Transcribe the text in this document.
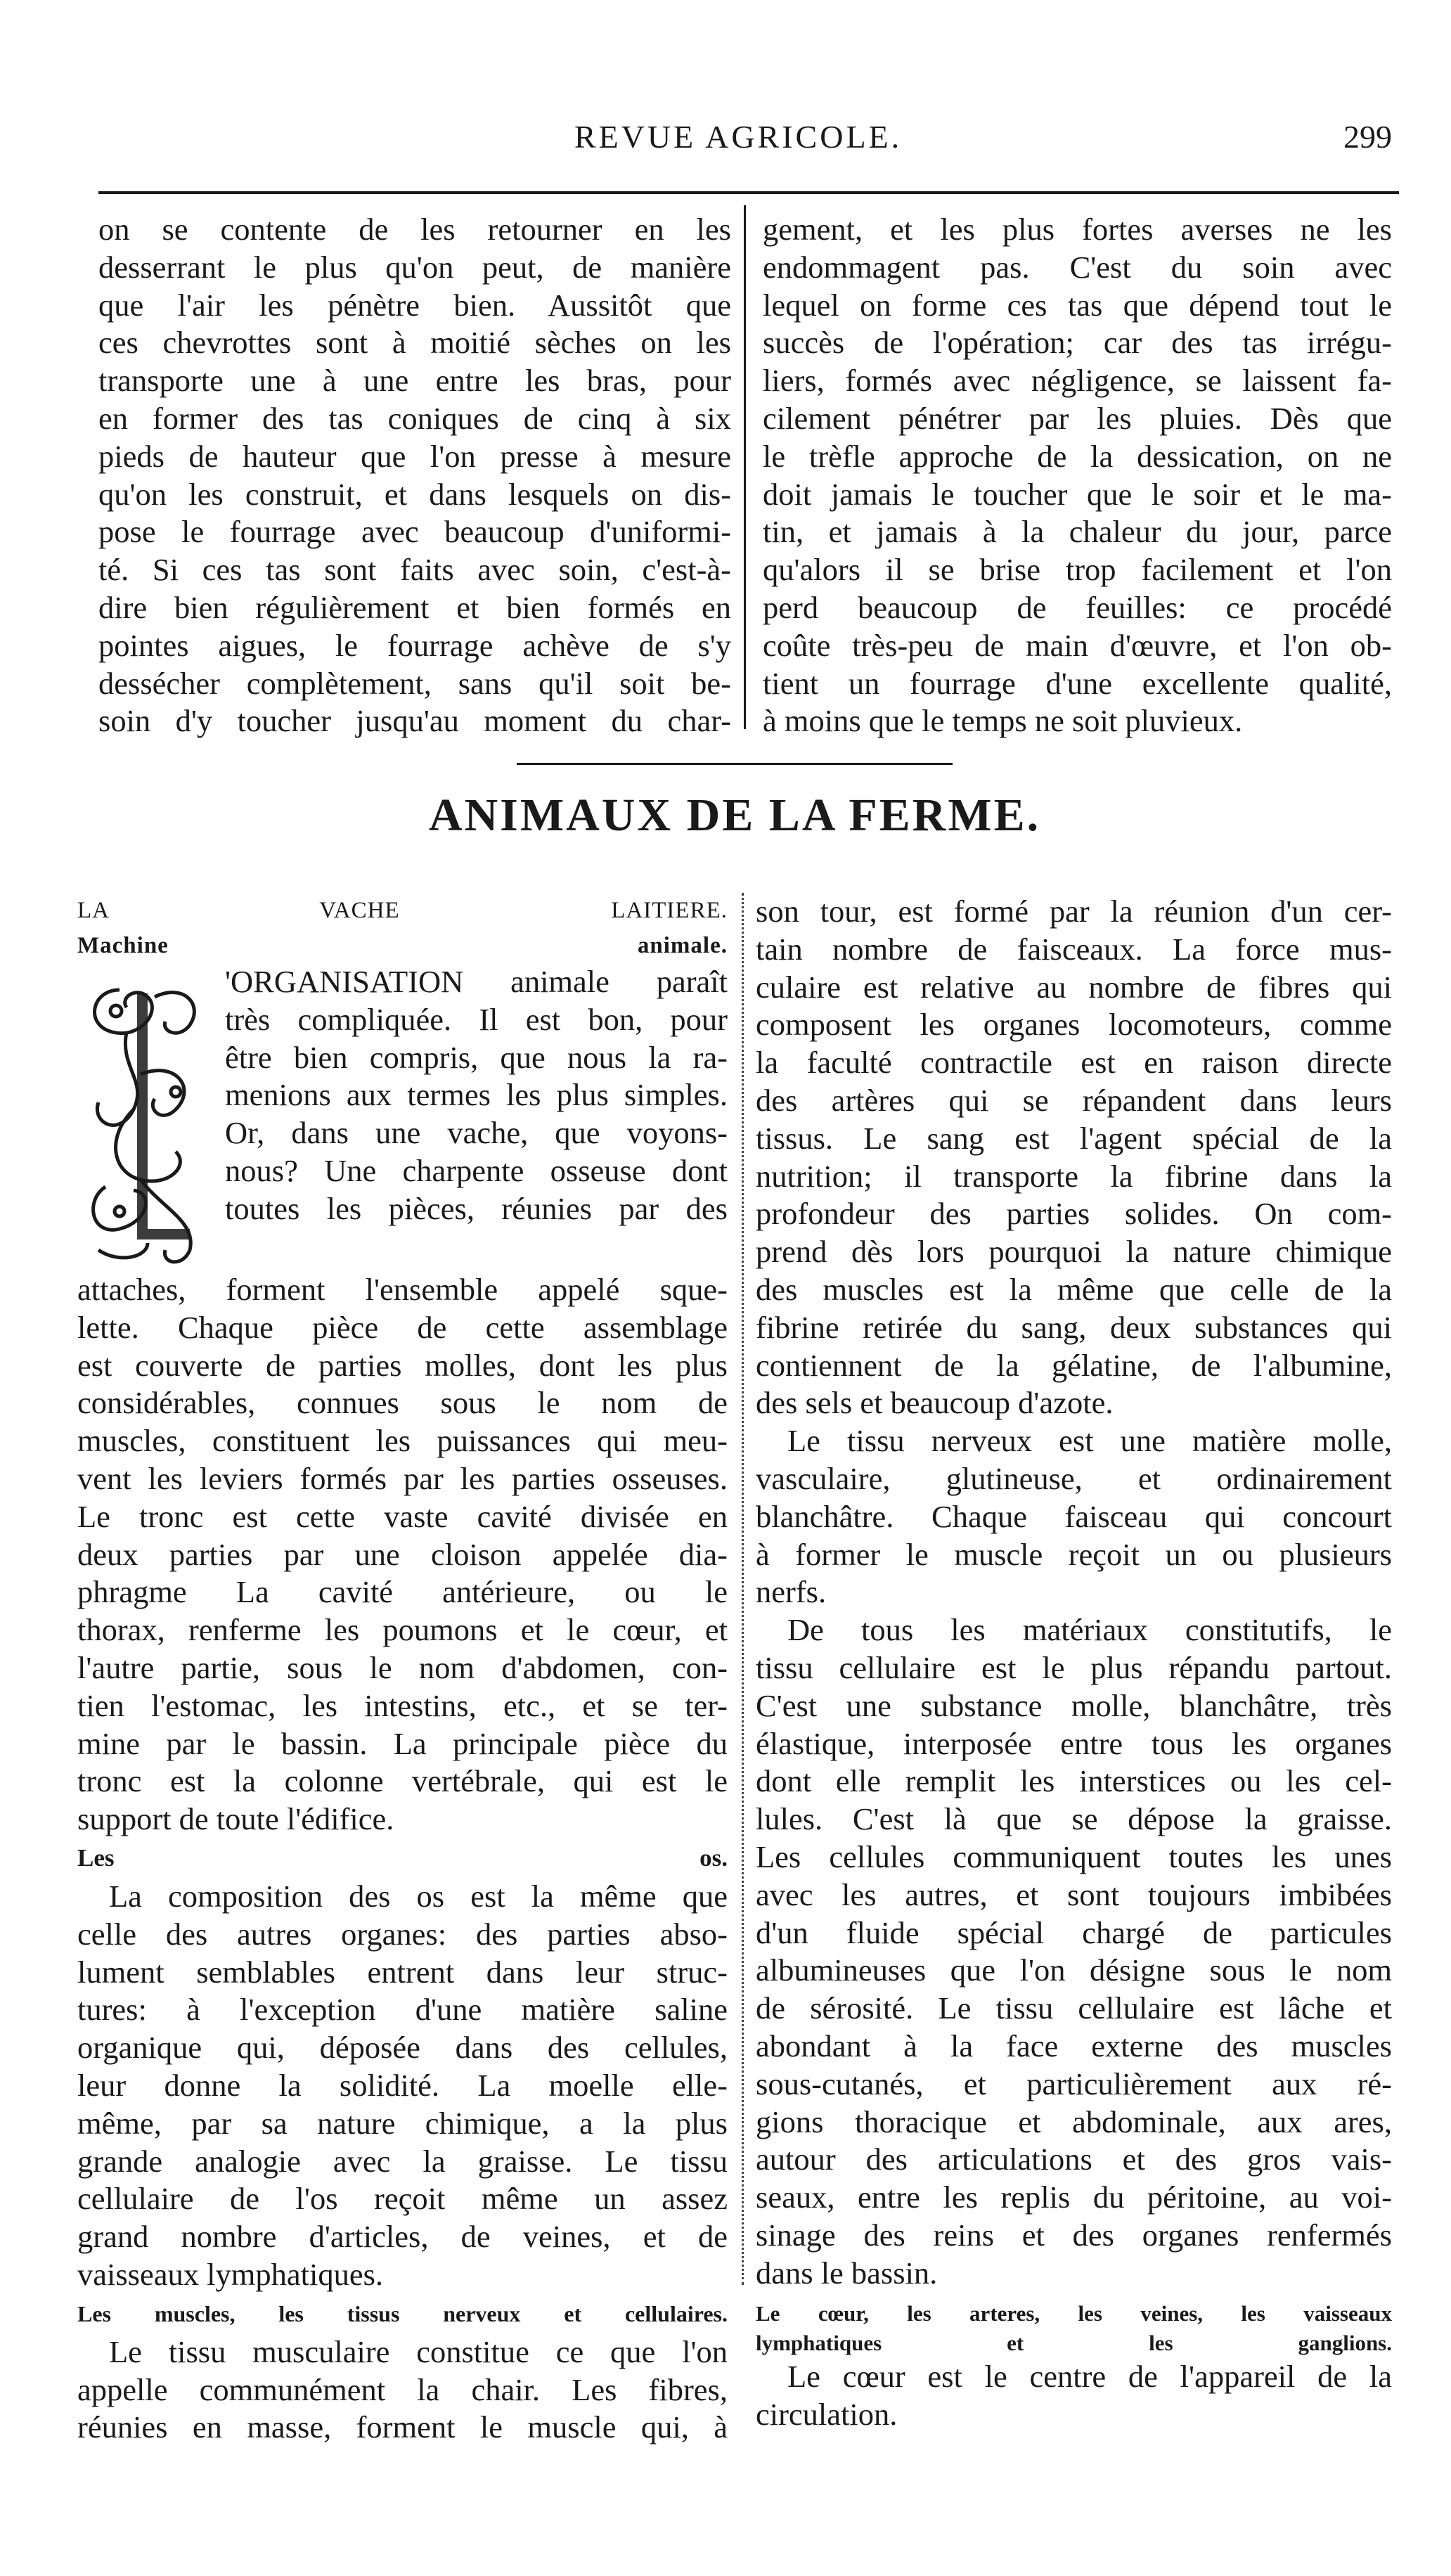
REVUE AGRICOLE.	299
on se contente de les retourner en les
desserrant le plus qu'on peut, de manière
que l'air les pénètre bien. Aussitôt que
ces chevrottes sont à moitié sèches on les
transporte une à une entre les bras, pour
en former des tas coniques de cinq à six
pieds de hauteur que l'on presse à mesure
qu'on les construit, et dans lesquels on dis-
pose le fourrage avec beaucoup d'uniformi-
té. Si ces tas sont faits avec soin, c'est-à-
dire bien régulièrement et bien formés en
pointes aigues, le fourrage achève de s'y
dessécher complètement, sans qu'il soit be-
soin d'y toucher jusqu'au moment du char-
gement, et les plus fortes averses ne les
endommagent pas. C'est du soin avec
lequel on forme ces tas que dépend tout le
succès de l'opération; car des tas irrégu-
liers, formés avec négligence, se laissent fa-
cilement pénétrer par les pluies. Dès que
le trèfle approche de la dessication, on ne
doit jamais le toucher que le soir et le ma-
tin, et jamais à la chaleur du jour, parce
qu'alors il se brise trop facilement et l'on
perd beaucoup de feuilles: ce procédé
coûte très-peu de main d'œuvre, et l'on ob-
tient un fourrage d'une excellente qualité,
à moins que le temps ne soit pluvieux.
ANIMAUX DE LA FERME.

LA VACHE LAITIERE.

Machine animale.

'ORGANISATION animale paraît
très compliquée. Il est bon, pour
être bien compris, que nous la ra-
menions aux termes les plus simples.
Or, dans une vache, que voyons-
nous? Une charpente osseuse dont
toutes les pièces, réunies par des
attaches, forment l'ensemble appelé sque-
lette. Chaque pièce de cette assemblage
est couverte de parties molles, dont les plus
considérables, connues sous le nom de
muscles, constituent les puissances qui meu-
vent les leviers formés par les parties osseuses.
Le tronc est cette vaste cavité divisée en
deux parties par une cloison appelée dia-
phragme La cavité antérieure, ou le
thorax, renferme les poumons et le cœur, et
l'autre partie, sous le nom d'abdomen, con-
tien l'estomac, les intestins, etc., et se ter-
mine par le bassin. La principale pièce du
tronc est la colonne vertébrale, qui est le
support de toute l'édifice.

Les os.

La composition des os est la même que
celle des autres organes: des parties abso-
lument semblables entrent dans leur struc-
tures: à l'exception d'une matière saline
organique qui, déposée dans des cellules,
leur donne la solidité. La moelle elle-
même, par sa nature chimique, a la plus
grande analogie avec la graisse. Le tissu
cellulaire de l'os reçoit même un assez
grand nombre d'articles, de veines, et de
vaisseaux lymphatiques.

Les muscles, les tissus nerveux et cellulaires.

Le tissu musculaire constitue ce que l'on
appelle communément la chair. Les fibres,
réunies en masse, forment le muscle qui, à
son tour, est formé par la réunion d'un cer-
tain nombre de faisceaux. La force mus-
culaire est relative au nombre de fibres qui
composent les organes locomoteurs, comme
la faculté contractile est en raison directe
des artères qui se répandent dans leurs
tissus. Le sang est l'agent spécial de la
nutrition; il transporte la fibrine dans la
profondeur des parties solides. On com-
prend dès lors pourquoi la nature chimique
des muscles est la même que celle de la
fibrine retirée du sang, deux substances qui
contiennent de la gélatine, de l'albumine,
des sels et beaucoup d'azote.
Le tissu nerveux est une matière molle,
vasculaire, glutineuse, et ordinairement
blanchâtre. Chaque faisceau qui concourt
à former le muscle reçoit un ou plusieurs
nerfs.
De tous les matériaux constitutifs, le
tissu cellulaire est le plus répandu partout.
C'est une substance molle, blanchâtre, très
élastique, interposée entre tous les organes
dont elle remplit les interstices ou les cel-
lules. C'est là que se dépose la graisse.
Les cellules communiquent toutes les unes
avec les autres, et sont toujours imbibées
d'un fluide spécial chargé de particules
albumineuses que l'on désigne sous le nom
de sérosité. Le tissu cellulaire est lâche et
abondant à la face externe des muscles
sous-cutanés, et particulièrement aux ré-
gions thoracique et abdominale, aux ares,
autour des articulations et des gros vais-
seaux, entre les replis du péritoine, au voi-
sinage des reins et des organes renfermés
dans le bassin.

Le cœur, les arteres, les veines, les vaisseaux

lymphatiques et les ganglions.

Le cœur est le centre de l'appareil de la
circulation.
